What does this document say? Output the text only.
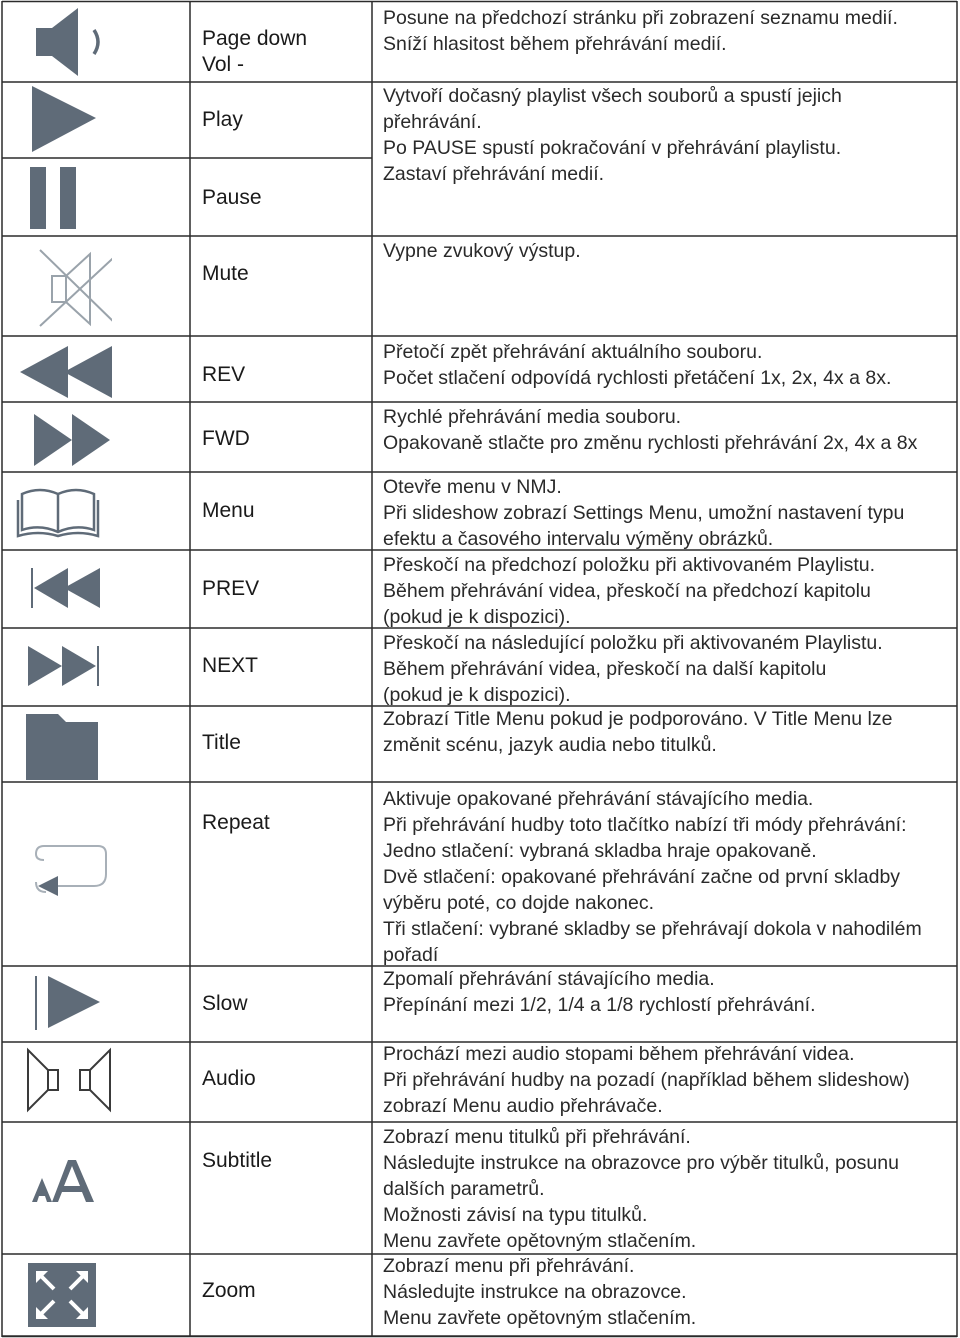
Page down
Vol -
Play
Pause
Mute
REV
FWD
Menu
PREV
NEXT
Title
Repeat
Slow
Audio
Subtitle
Zoom
Posune na předchozí stránku při zobrazení seznamu medií.
Sníží hlasitost během přehrávání medií.
Vytvoří dočasný playlist všech souborů a spustí jejich
přehrávání.
Po PAUSE spustí pokračování v přehrávání playlistu.
Zastaví přehrávání medií.
Vypne zvukový výstup.
Přetočí zpět přehrávání aktuálního souboru.
Počet stlačení odpovídá rychlosti přetáčení 1x, 2x, 4x a 8x.
Rychlé přehrávání media souboru.
Opakovaně stlačte pro změnu rychlosti přehrávání 2x, 4x a 8x
Otevře menu v NMJ.
Při slideshow zobrazí Settings Menu, umožní nastavení typu
efektu a časového intervalu výměny obrázků.
Přeskočí na předchozí položku při aktivovaném Playlistu.
Během přehrávání videa, přeskočí na předchozí kapitolu
(pokud je k dispozici).
Přeskočí na následující položku při aktivovaném Playlistu.
Během přehrávání videa, přeskočí na další kapitolu
(pokud je k dispozici).
Zobrazí Title Menu pokud je podporováno. V Title Menu lze
změnit scénu, jazyk audia nebo titulků.
Aktivuje opakované přehrávání stávajícího media.
Při přehrávání hudby toto tlačítko nabízí tři módy přehrávání:
Jedno stlačení: vybraná skladba hraje opakovaně.
Dvě stlačení: opakované přehrávání začne od první skladby
výběru poté, co dojde nakonec.
Tři stlačení: vybrané skladby se přehrávají dokola v nahodilém
pořadí
Zpomalí přehrávání stávajícího media.
Přepínání mezi 1/2, 1/4 a 1/8 rychlostí přehrávání.
Prochází mezi audio stopami během přehrávání videa.
Při přehrávání hudby na pozadí (například během slideshow)
zobrazí Menu audio přehrávače.
Zobrazí menu titulků při přehrávání.
Následujte instrukce na obrazovce pro výběr titulků, posunu
dalších parametrů.
Možnosti závisí na typu titulků.
Menu zavřete opětovným stlačením.
Zobrazí menu při přehrávání.
Následujte instrukce na obrazovce.
Menu zavřete opětovným stlačením.
